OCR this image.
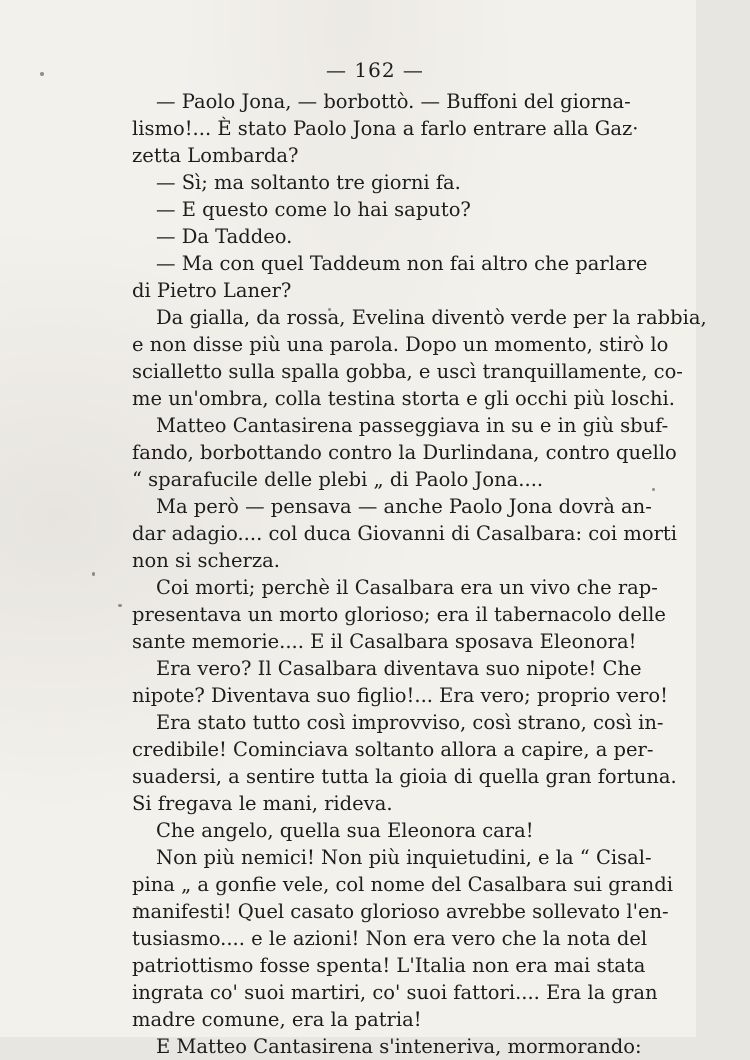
— 162 —
— Paolo Jona, — borbottò. — Buffoni del giorna-
lismo!... È stato Paolo Jona a farlo entrare alla Gaz·
zetta Lombarda?
— Sì; ma soltanto tre giorni fa.
— E questo come lo hai saputo?
— Da Taddeo.
— Ma con quel Taddeum non fai altro che parlare
di Pietro Laner?
Da gialla, da rossa, Evelina diventò verde per la rabbia,
e non disse più una parola. Dopo un momento, stirò lo
scialletto sulla spalla gobba, e uscì tranquillamente, co-
me un'ombra, colla testina storta e gli occhi più loschi.
Matteo Cantasirena passeggiava in su e in giù sbuf-
fando, borbottando contro la Durlindana, contro quello
“ sparafucile delle plebi „ di Paolo Jona....
Ma però — pensava — anche Paolo Jona dovrà an-
dar adagio.... col duca Giovanni di Casalbara: coi morti
non si scherza.
Coi morti; perchè il Casalbara era un vivo che rap-
presentava un morto glorioso; era il tabernacolo delle
sante memorie.... E il Casalbara sposava Eleonora!
Era vero? Il Casalbara diventava suo nipote! Che
nipote? Diventava suo figlio!... Era vero; proprio vero!
Era stato tutto così improvviso, così strano, così in-
credibile! Cominciava soltanto allora a capire, a per-
suadersi, a sentire tutta la gioia di quella gran fortuna.
Si fregava le mani, rideva.
Che angelo, quella sua Eleonora cara!
Non più nemici! Non più inquietudini, e la “ Cisal-
pina „ a gonfie vele, col nome del Casalbara sui grandi
manifesti! Quel casato glorioso avrebbe sollevato l'en-
tusiasmo.... e le azioni! Non era vero che la nota del
patriottismo fosse spenta! L'Italia non era mai stata
ingrata co' suoi martiri, co' suoi fattori.... Era la gran
madre comune, era la patria!
E Matteo Cantasirena s'inteneriva, mormorando:
